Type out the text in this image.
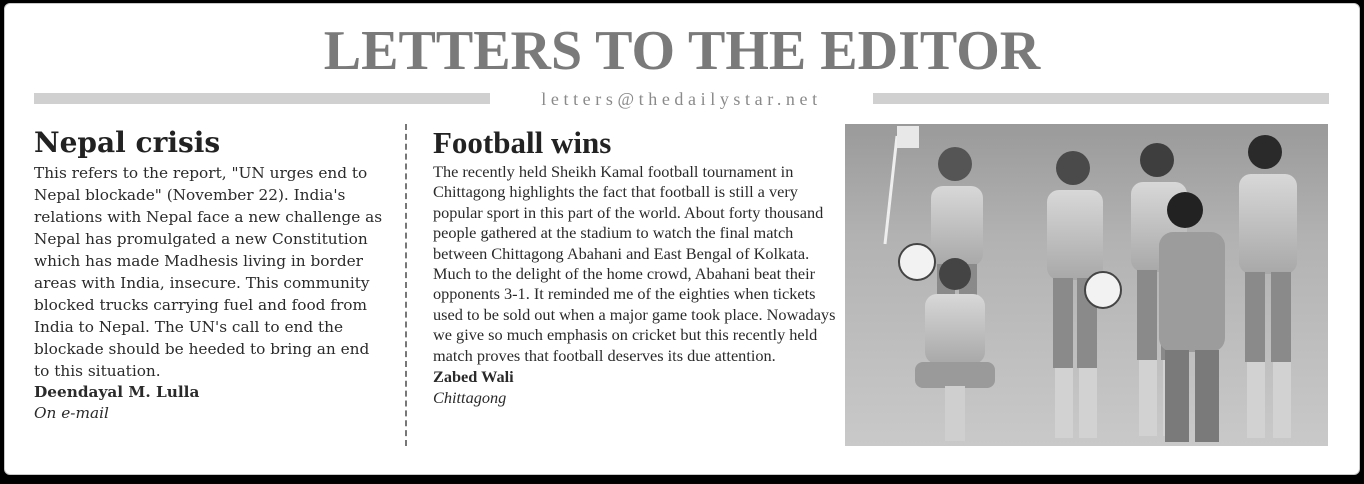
LETTERS TO THE EDITOR
letters@thedailystar.net
Nepal crisis

This refers to the report, "UN urges end to Nepal blockade" (November 22). India's relations with Nepal face a new challenge as Nepal has promulgated a new Constitution which has made Madhesis living in border areas with India, insecure. This community blocked trucks carrying fuel and food from India to Nepal. The UN's call to end the blockade should be heeded to bring an end to this situation.

Deendayal M. Lulla
On e-mail
Football wins

The recently held Sheikh Kamal football tournament in Chittagong highlights the fact that football is still a very popular sport in this part of the world. About forty thousand people gathered at the stadium to watch the final match between Chittagong Abahani and East Bengal of Kolkata. Much to the delight of the home crowd, Abahani beat their opponents 3-1. It reminded me of the eighties when tickets used to be sold out when a major game took place. Nowadays we give so much emphasis on cricket but this recently held match proves that football deserves its due attention.

Zabed Wali
Chittagong
